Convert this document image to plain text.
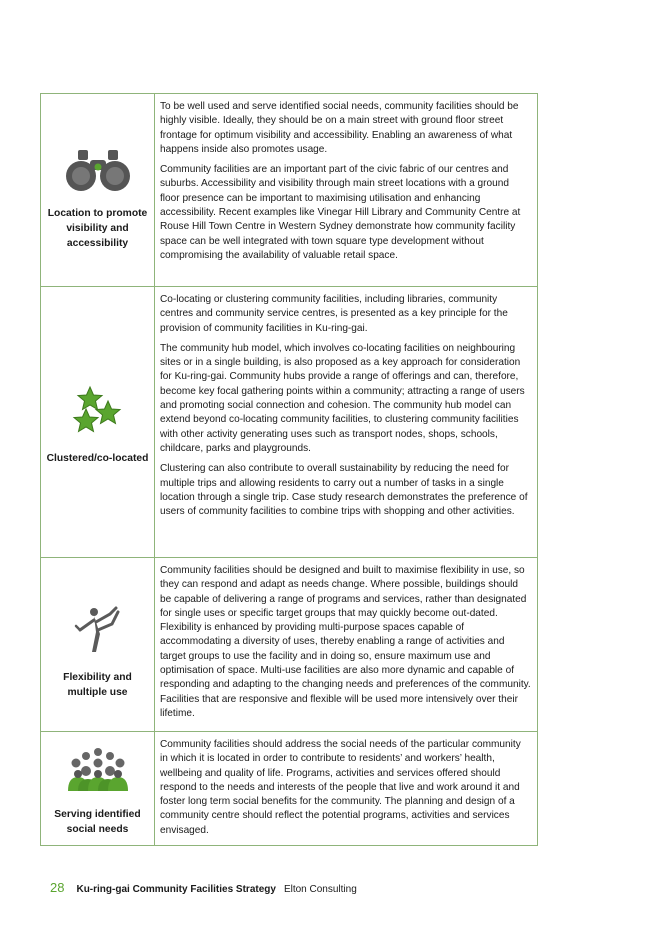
Location to promote visibility and accessibility

To be well used and serve identified social needs, community facilities should be highly visible. Ideally, they should be on a main street with ground floor street frontage for optimum visibility and accessibility. Enabling an awareness of what happens inside also promotes usage.

Community facilities are an important part of the civic fabric of our centres and suburbs. Accessibility and visibility through main street locations with a ground floor presence can be important to maximising utilisation and enhancing accessibility. Recent examples like Vinegar Hill Library and Community Centre at Rouse Hill Town Centre in Western Sydney demonstrate how community facility space can be well integrated with town square type development without compromising the availability of valuable retail space.

Clustered/co-located

Co-locating or clustering community facilities, including libraries, community centres and community service centres, is presented as a key principle for the provision of community facilities in Ku-ring-gai.

The community hub model, which involves co-locating facilities on neighbouring sites or in a single building, is also proposed as a key approach for consideration for Ku-ring-gai. Community hubs provide a range of offerings and can, therefore, become key focal gathering points within a community; attracting a range of users and promoting social connection and cohesion. The community hub model can extend beyond co-locating community facilities, to clustering community facilities with other activity generating uses such as transport nodes, shops, schools, childcare, parks and playgrounds.

Clustering can also contribute to overall sustainability by reducing the need for multiple trips and allowing residents to carry out a number of tasks in a single location through a single trip. Case study research demonstrates the preference of users of community facilities to combine trips with shopping and other activities.

Flexibility and multiple use

Community facilities should be designed and built to maximise flexibility in use, so they can respond and adapt as needs change. Where possible, buildings should be capable of delivering a range of programs and services, rather than designated for single uses or specific target groups that may quickly become out-dated. Flexibility is enhanced by providing multi-purpose spaces capable of accommodating a diversity of uses, thereby enabling a range of activities and target groups to use the facility and in doing so, ensure maximum use and optimisation of space. Multi-use facilities are also more dynamic and capable of responding and adapting to the changing needs and preferences of the community. Facilities that are responsive and flexible will be used more intensively over their lifetime.

Serving identified social needs

Community facilities should address the social needs of the particular community in which it is located in order to contribute to residents’ and workers’ health, wellbeing and quality of life. Programs, activities and services offered should respond to the needs and interests of the people that live and work around it and foster long term social benefits for the community. The planning and design of a community centre should reflect the potential programs, activities and services envisaged.

28 Ku-ring-gai Community Facilities Strategy Elton Consulting
